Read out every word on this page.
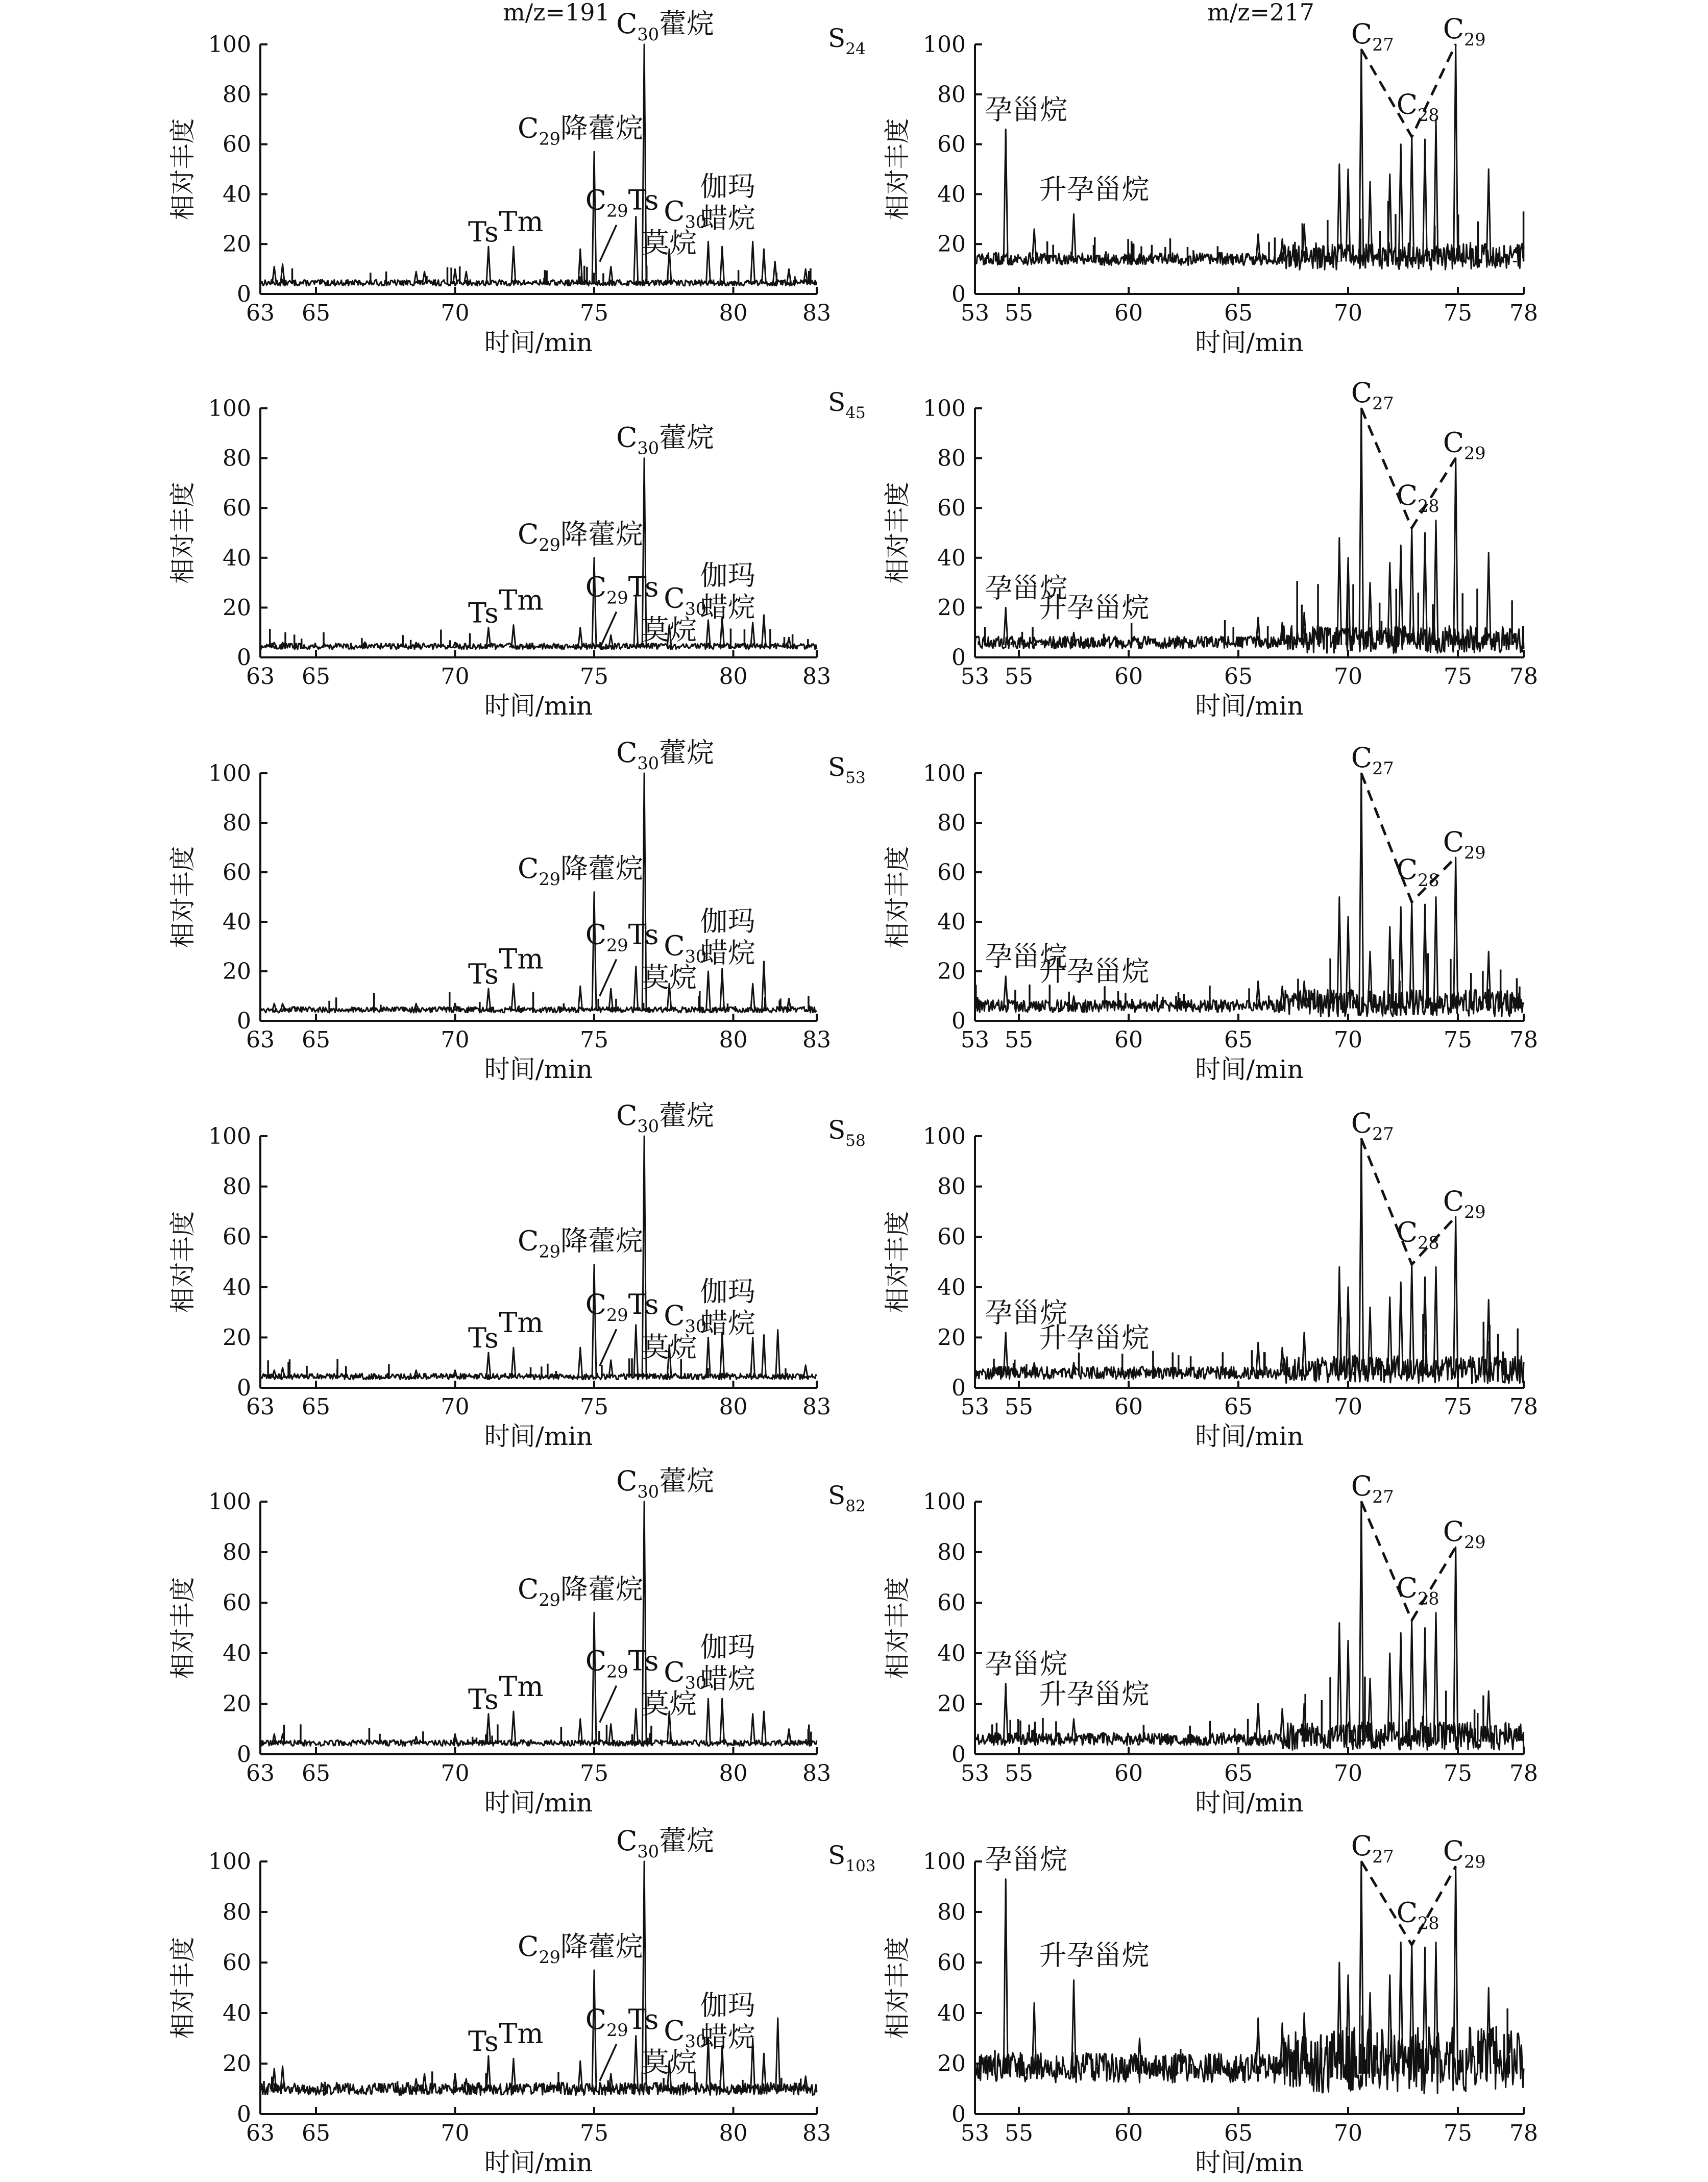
m/z=191	m/z=217
0
20
40
60
80
100
63 65	70	75	80 83
时间/min
相对丰度
$S_{24}$
$C_{30}$藿烷
$C_{29}$降藿烷
$C_{29}Ts$
Ts Tm	$C_{30}$
莫烷
伽玛
蜡烷
0
20
40
60
80
100
53 55	60	65	70	75 78
时间/min
相对丰度
孕甾烷
升孕甾烷
$C_{27}$
$C_{28}$
$C_{29}$
0
20
40
60
80
100
63 65	70	75	80 83
时间/min
相对丰度
$S_{45}$
$C_{30}$藿烷
$C_{29}$降藿烷
$C_{29}Ts$
Ts Tm	$C_{30}$
莫烷
伽玛
蜡烷
0
20
40
60
80
100
53 55	60	65	70	75 78
时间/min
相对丰度
孕甾烷
升孕甾烷
$C_{27}$
$C_{28}$
$C_{29}$
0
20
40
60
80
100
63 65	70	75	80 83
时间/min
相对丰度
$S_{53}$
$C_{30}$藿烷
$C_{29}$降藿烷
$C_{29}Ts$
Ts Tm	$C_{30}$
莫烷
伽玛
蜡烷
0
20
40
60
80
100
53 55	60	65	70	75 78
时间/min
相对丰度
孕甾烷
升孕甾烷
$C_{27}$
$C_{28}$
$C_{29}$
0
20
40
60
80
100
63 65	70	75	80 83
时间/min
相对丰度
$S_{58}$
$C_{30}$藿烷
$C_{29}$降藿烷
$C_{29}Ts$
Ts Tm	$C_{30}$
莫烷
伽玛
蜡烷
0
20
40
60
80
100
53 55	60	65	70	75 78
时间/min
相对丰度	孕甾烷
升孕甾烷
$C_{27}$
$C_{28}$
$C_{29}$
0
20
40
60
80
100
63 65	70	75	80 83
时间/min
相对丰度
$S_{82}$
$C_{30}$藿烷
$C_{29}$降藿烷
$C_{29}Ts$
Ts Tm	$C_{30}$
莫烷
伽玛
蜡烷
0
20
40
60
80
100
53 55	60	65	70	75 78
时间/min
相对丰度	孕甾烷
升孕甾烷
$C_{27}$
$C_{28}$
$C_{29}$
0
20
40
60
80
100
63 65	70	75	80 83
时间/min
相对丰度
$S_{103}$
$C_{30}$藿烷
$C_{29}$降藿烷
$C_{29}Ts$
Ts Tm	$C_{30}$
莫烷
伽玛
蜡烷
0
20
40
60
80
100
53 55	60	65	70	75 78
时间/min
相对丰度
孕甾烷
升孕甾烷
$C_{27}$
$C_{28}$
$C_{29}$
